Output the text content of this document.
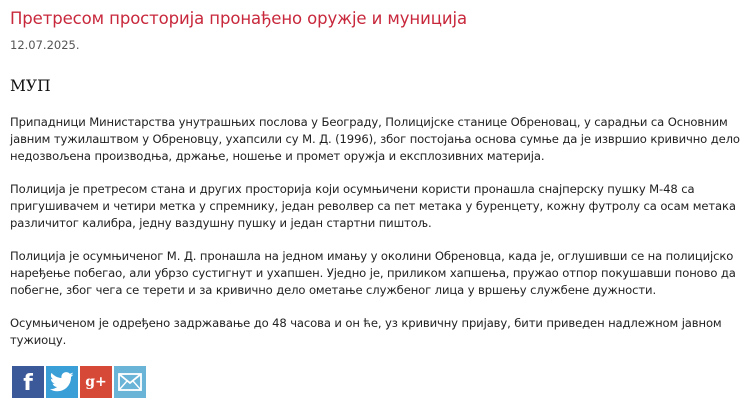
Претресом просторија пронађено оружје и муниција
12.07.2025.
МУП

Припадници Министарства унутрашњих послова у Београду, Полицијске станице Обреновац, у сарадњи са Основним јавним тужилаштвом у Обреновцу, ухапсили су М. Д. (1996), због постојања основа сумње да је извршио кривично дело недозвољена производња, држање, ношење и промет оружја и експлозивних материја.

Полиција је претресом стана и других просторија који осумњичени користи пронашла снајперску пушку М-48 са пригушивачем и четири метка у спремнику, један револвер са пет метака у буренцету, кожну футролу са осам метака различитог калибра, једну ваздушну пушку и један стартни пиштољ.

Полиција је осумњиченог М. Д. пронашла на једном имању у околини Обреновца, када је, оглушивши се на полицијско наређење побегао, али убрзо сустигнут и ухапшен. Уједно је, приликом хапшења, пружао отпор покушавши поново да побегне, због чега се терети и за кривично дело ометање службеног лица у вршењу службене дужности.

Осумњиченом је одређено задржавање до 48 часова и он ће, уз кривичну пријаву, бити приведен надлежном јавном тужиоцу.

f	g+
